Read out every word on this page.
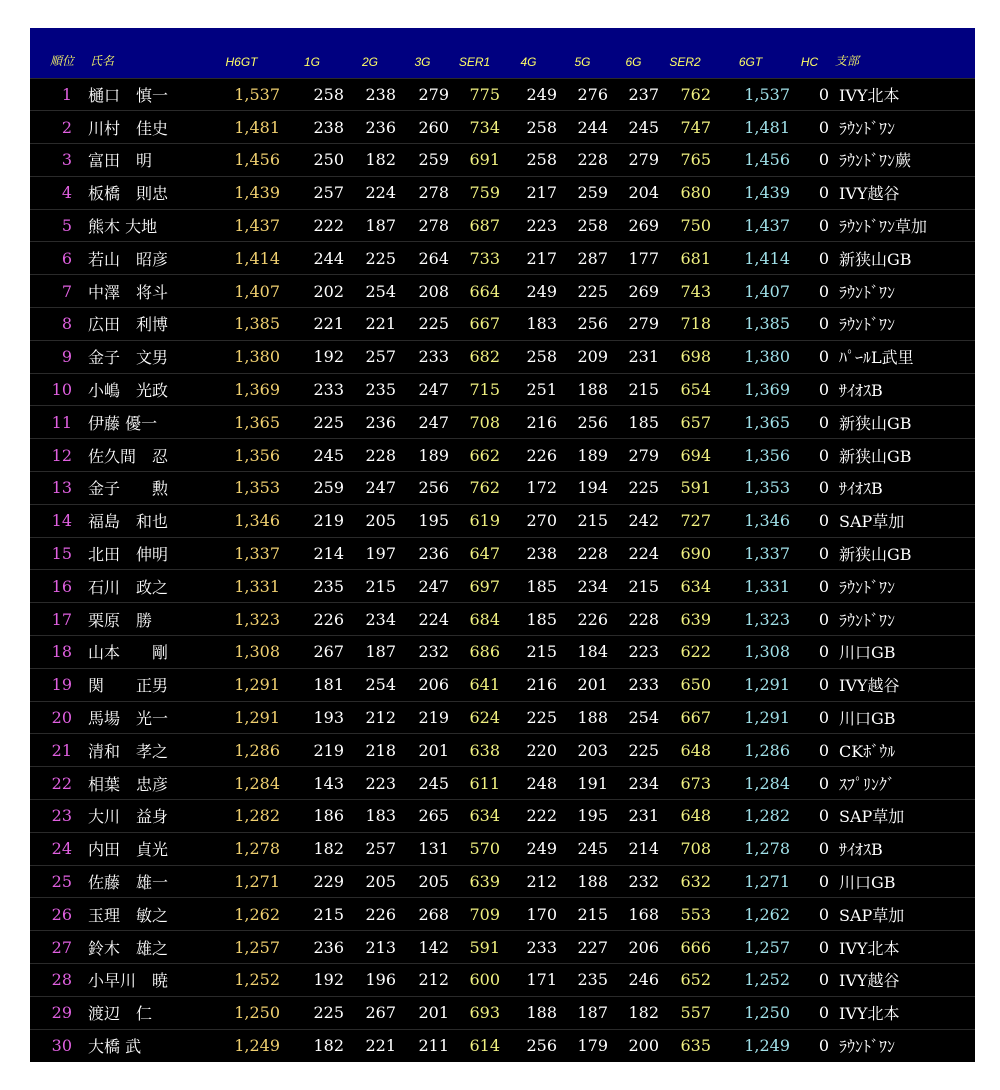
順位	氏名	H6GT	1G	2G	3G	SER1	4G	5G	6G	SER2	6GT	HC	支部
1	樋口　慎一	1,537	258	238	279	775	249	276	237	762	1,537	0	IVY北本
2	川村　佳史	1,481	238	236	260	734	258	244	245	747	1,481	0	ﾗｳﾝﾄﾞﾜﾝ
3	富田　明	1,456	250	182	259	691	258	228	279	765	1,456	0	ﾗｳﾝﾄﾞﾜﾝ蕨
4	板橋　則忠	1,439	257	224	278	759	217	259	204	680	1,439	0	IVY越谷
5	熊木 大地	1,437	222	187	278	687	223	258	269	750	1,437	0	ﾗｳﾝﾄﾞﾜﾝ草加
6	若山　昭彦	1,414	244	225	264	733	217	287	177	681	1,414	0	新狭山GB
7	中澤　将斗	1,407	202	254	208	664	249	225	269	743	1,407	0	ﾗｳﾝﾄﾞﾜﾝ
8	広田　利博	1,385	221	221	225	667	183	256	279	718	1,385	0	ﾗｳﾝﾄﾞﾜﾝ
9	金子　文男	1,380	192	257	233	682	258	209	231	698	1,380	0	ﾊﾟｰﾙL武里
10	小嶋　光政	1,369	233	235	247	715	251	188	215	654	1,369	0	ｻｲｵｽB
11	伊藤 優一	1,365	225	236	247	708	216	256	185	657	1,365	0	新狭山GB
12	佐久間　忍	1,356	245	228	189	662	226	189	279	694	1,356	0	新狭山GB
13	金子　　勲	1,353	259	247	256	762	172	194	225	591	1,353	0	ｻｲｵｽB
14	福島　和也	1,346	219	205	195	619	270	215	242	727	1,346	0	SAP草加
15	北田　伸明	1,337	214	197	236	647	238	228	224	690	1,337	0	新狭山GB
16	石川　政之	1,331	235	215	247	697	185	234	215	634	1,331	0	ﾗｳﾝﾄﾞﾜﾝ
17	栗原　勝	1,323	226	234	224	684	185	226	228	639	1,323	0	ﾗｳﾝﾄﾞﾜﾝ
18	山本　　剛	1,308	267	187	232	686	215	184	223	622	1,308	0	川口GB
19	関　　正男	1,291	181	254	206	641	216	201	233	650	1,291	0	IVY越谷
20	馬場　光一	1,291	193	212	219	624	225	188	254	667	1,291	0	川口GB
21	清和　孝之	1,286	219	218	201	638	220	203	225	648	1,286	0	CKﾎﾞｳﾙ
22	相葉　忠彦	1,284	143	223	245	611	248	191	234	673	1,284	0	ｽﾌﾟﾘﾝｸﾞ
23	大川　益身	1,282	186	183	265	634	222	195	231	648	1,282	0	SAP草加
24	内田　貞光	1,278	182	257	131	570	249	245	214	708	1,278	0	ｻｲｵｽB
25	佐藤　雄一	1,271	229	205	205	639	212	188	232	632	1,271	0	川口GB
26	玉理　敏之	1,262	215	226	268	709	170	215	168	553	1,262	0	SAP草加
27	鈴木　雄之	1,257	236	213	142	591	233	227	206	666	1,257	0	IVY北本
28	小早川　暁	1,252	192	196	212	600	171	235	246	652	1,252	0	IVY越谷
29	渡辺　仁	1,250	225	267	201	693	188	187	182	557	1,250	0	IVY北本
30	大橋 武	1,249	182	221	211	614	256	179	200	635	1,249	0	ﾗｳﾝﾄﾞﾜﾝ
